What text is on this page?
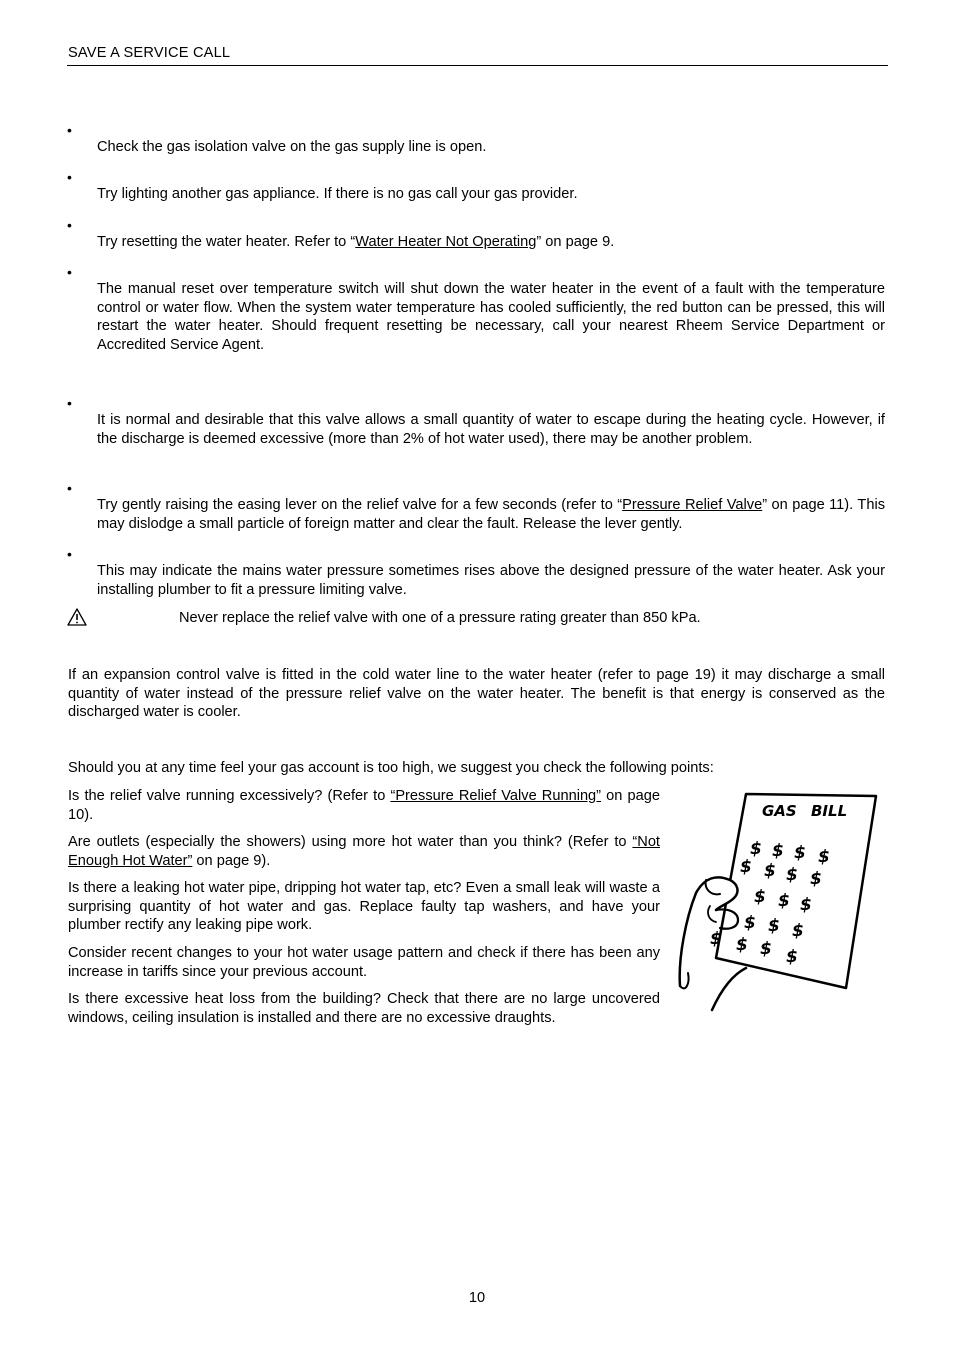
SAVE A SERVICE CALL
•

Check the gas isolation valve on the gas supply line is open.

•

Try lighting another gas appliance. If there is no gas call your gas provider.

•

Try resetting the water heater. Refer to “Water Heater Not Operating” on page 9.

•

The manual reset over temperature switch will shut down the water heater in the event of a fault with the temperature control or water flow. When the system water temperature has cooled sufficiently, the red button can be pressed, this will restart the water heater. Should frequent resetting be necessary, call your nearest Rheem Service Department or Accredited Service Agent.

•

It is normal and desirable that this valve allows a small quantity of water to escape during the heating cycle. However, if the discharge is deemed excessive (more than 2% of hot water used), there may be another problem.

•

Try gently raising the easing lever on the relief valve for a few seconds (refer to “Pressure Relief Valve” on page 11). This may dislodge a small particle of foreign matter and clear the fault. Release the lever gently.

•

This may indicate the mains water pressure sometimes rises above the designed pressure of the water heater. Ask your installing plumber to fit a pressure limiting valve.

Never replace the relief valve with one of a pressure rating greater than 850 kPa.

If an expansion control valve is fitted in the cold water line to the water heater (refer to page 19) it may discharge a small quantity of water instead of the pressure relief valve on the water heater. The benefit is that energy is conserved as the discharged water is cooler.

Should you at any time feel your gas account is too high, we suggest you check the following points:

Is the relief valve running excessively? (Refer to “Pressure Relief Valve Running” on page 10).

Are outlets (especially the showers) using more hot water than you think? (Refer to “Not Enough Hot Water” on page 9).

Is there a leaking hot water pipe, dripping hot water tap, etc? Even a small leak will waste a surprising quantity of hot water and gas. Replace faulty tap washers, and have your plumber rectify any leaking pipe work.

Consider recent changes to your hot water usage pattern and check if there has been any increase in tariffs since your previous account.

Is there excessive heat loss from the building? Check that there are no large uncovered windows, ceiling insulation is installed and there are no excessive draughts.

GAS BILL
$ $ $ $
$ $ $ $
$ $ $
$ $ $
$ $ $ $
10
